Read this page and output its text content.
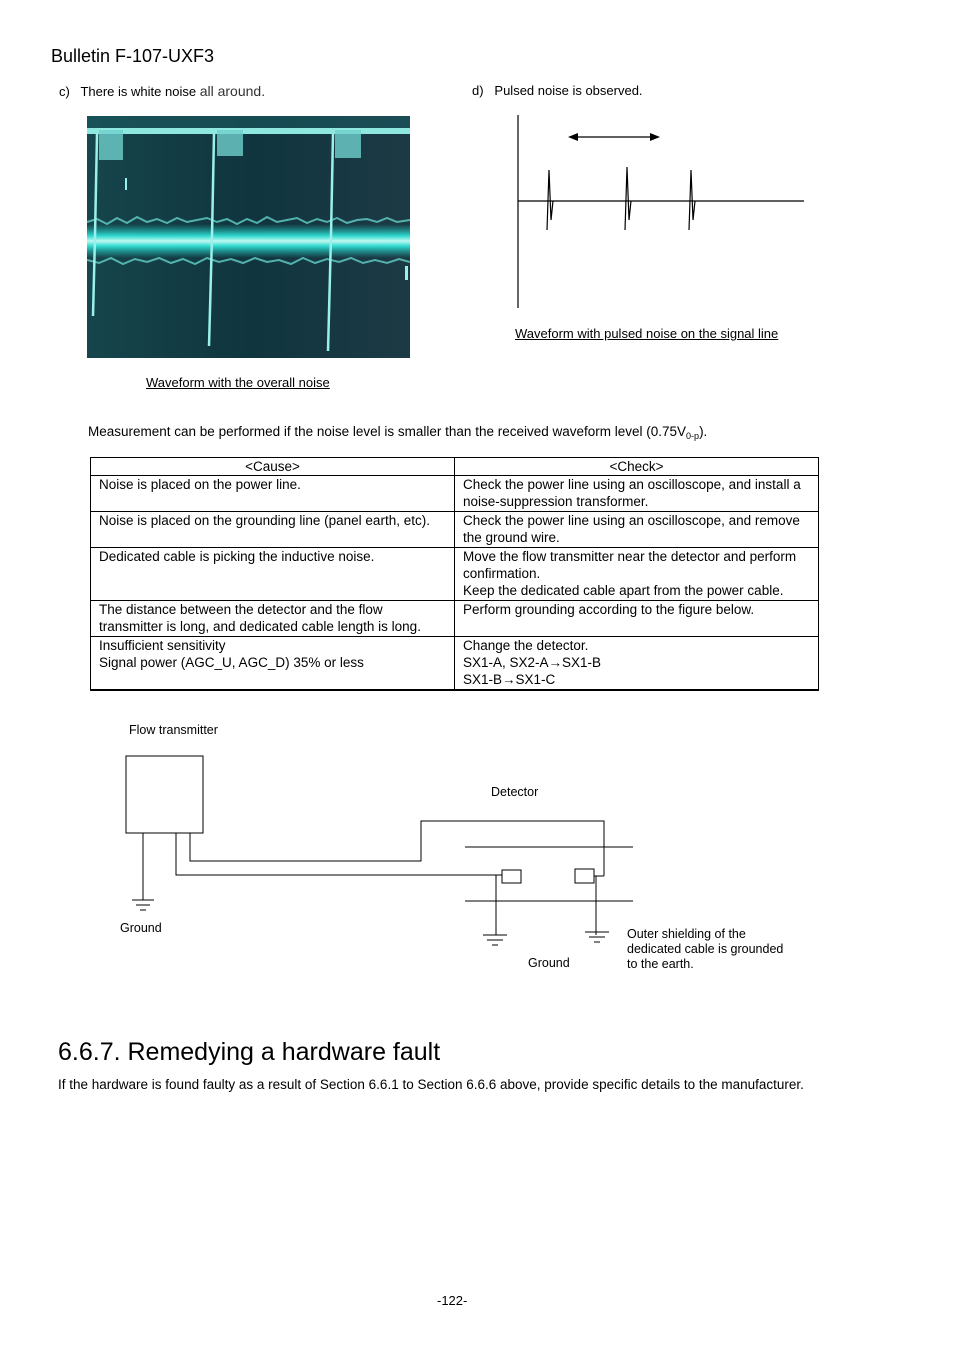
Bulletin F-107-UXF3
c) There is white noise all around.
Waveform with the overall noise
d) Pulsed noise is observed.
Waveform with pulsed noise on the signal line
Measurement can be performed if the noise level is smaller than the received waveform level $(0.75V_{0-p})$.
<Cause>	<Check>

Noise is placed on the power line.	Check the power line using an oscilloscope, and install a noise-suppression transformer.

Noise is placed on the grounding line (panel earth, etc).	Check the power line using an oscilloscope, and remove the ground wire.

Dedicated cable is picking the inductive noise.	Move the flow transmitter near the detector and perform confirmation.
Keep the dedicated cable apart from the power cable.

The distance between the detector and the flow transmitter is long, and dedicated cable length is long.	Perform grounding according to the figure below.

Insufficient sensitivity
Signal power (AGC_U, AGC_D) 35% or less	Change the detector.
SX1-A, SX2-A→SX1-B
SX1-B→SX1-C
Flow transmitter
Detector
Ground
Ground
Outer shielding of the
dedicated cable is grounded
to the earth.
6.6.7. Remedying a hardware fault
If the hardware is found faulty as a result of Section 6.6.1 to Section 6.6.6 above, provide specific details to the manufacturer.
-122-
